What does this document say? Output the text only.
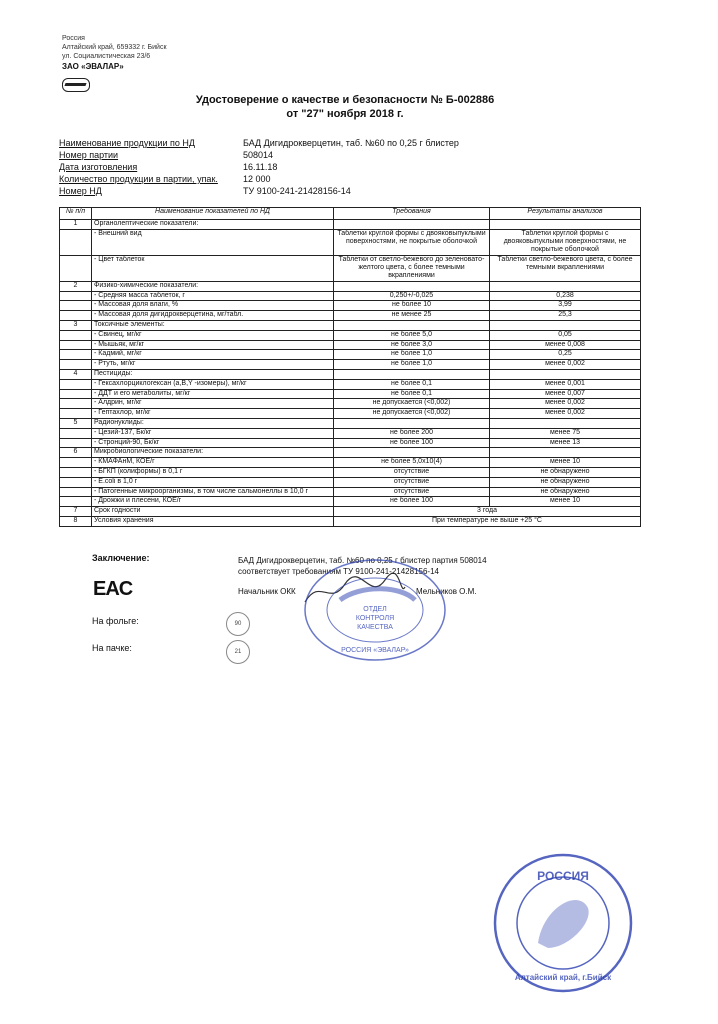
Россия
Алтайский край, 659332 г. Бийск
ул. Социалистическая 23/6
ЗАО «ЭВАЛАР»
Удостоверение о качестве и безопасности № Б-002886
от "27" ноября 2018 г.
Наименование продукции по НД	БАД Дигидрокверцетин, таб. №60 по 0,25 г блистер
Номер партии	508014
Дата изготовления	16.11.18
Количество продукции в партии, упак.	12 000
Номер НД	ТУ 9100-241-21428156-14
№ п/п	Наименование показателей по НД	Требования	Результаты анализов
1	Органолептические показатели:		
	- Внешний вид	Таблетки круглой формы с двояковыпуклыми поверхностями, не покрытые оболочкой	Таблетки круглой формы с двояковыпуклыми поверхностями, не покрытые оболочкой
	- Цвет таблеток	Таблетки от светло-бежевого до зеленовато-желтого цвета, с более темными вкраплениями	Таблетки светло-бежевого цвета, с более темными вкраплениями
2	Физико-химические показатели:		
	- Средняя масса таблеток, г	0,250+/-0,025	0,238
	- Массовая доля влаги, %	не более 10	3,99
	- Массовая доля дигидрокверцетина, мг/табл.	не менее 25	25,3
3	Токсичные элементы:		
	- Свинец, мг/кг	не более 5,0	0,05
	- Мышьяк, мг/кг	не более 3,0	менее 0,008
	- Кадмий, мг/кг	не более 1,0	0,25
	- Ртуть, мг/кг	не более 1,0	менее 0,002
4	Пестициды:		
	- Гексахлорциклогексан (a,B,Y -изомеры), мг/кг	не более 0,1	менее 0,001
	- ДДТ и его метаболиты, мг/кг	не более 0,1	менее 0,007
	- Алдрин, мг/кг	не допускается (<0,002)	менее 0,002
	- Гептахлор, мг/кг	не допускается (<0,002)	менее 0,002
5	Радионуклиды:		
	- Цезий-137, Бк/кг	не более 200	менее 75
	- Стронций-90, Бк/кг	не более 100	менее 13
6	Микробиологические показатели:		
	- КМАФАнМ, КОЕ/г	не более 5,0x10(4)	менее 10
	- БГКП (колиформы) в 0,1 г	отсутствие	не обнаружено
	- E.coli в 1,0 г	отсутствие	не обнаружено
	- Патогенные микроорганизмы, в том числе сальмонеллы в 10,0 г	отсутствие	не обнаружено
	- Дрожжи и плесени, КОЕ/г	не более 100	менее 10
7	Срок годности	3 года	
8	Условия хранения	При температуре не выше +25 °С	
Заключение:	БАД Дигидрокверцетин, таб. №60 по 0,25 г блистер партия 508014
соответствует требованиям ТУ 9100-241-21428156-14
EAC	Начальник ОКК	Мельников О.М.
На фольге:
На пачке:
90
21
ОТДЕЛ
КОНТРОЛЯ
КАЧЕСТВА
РОССИЯ «ЭВАЛАР»
РОССИЯ
Алтайский край, г.Бийск
